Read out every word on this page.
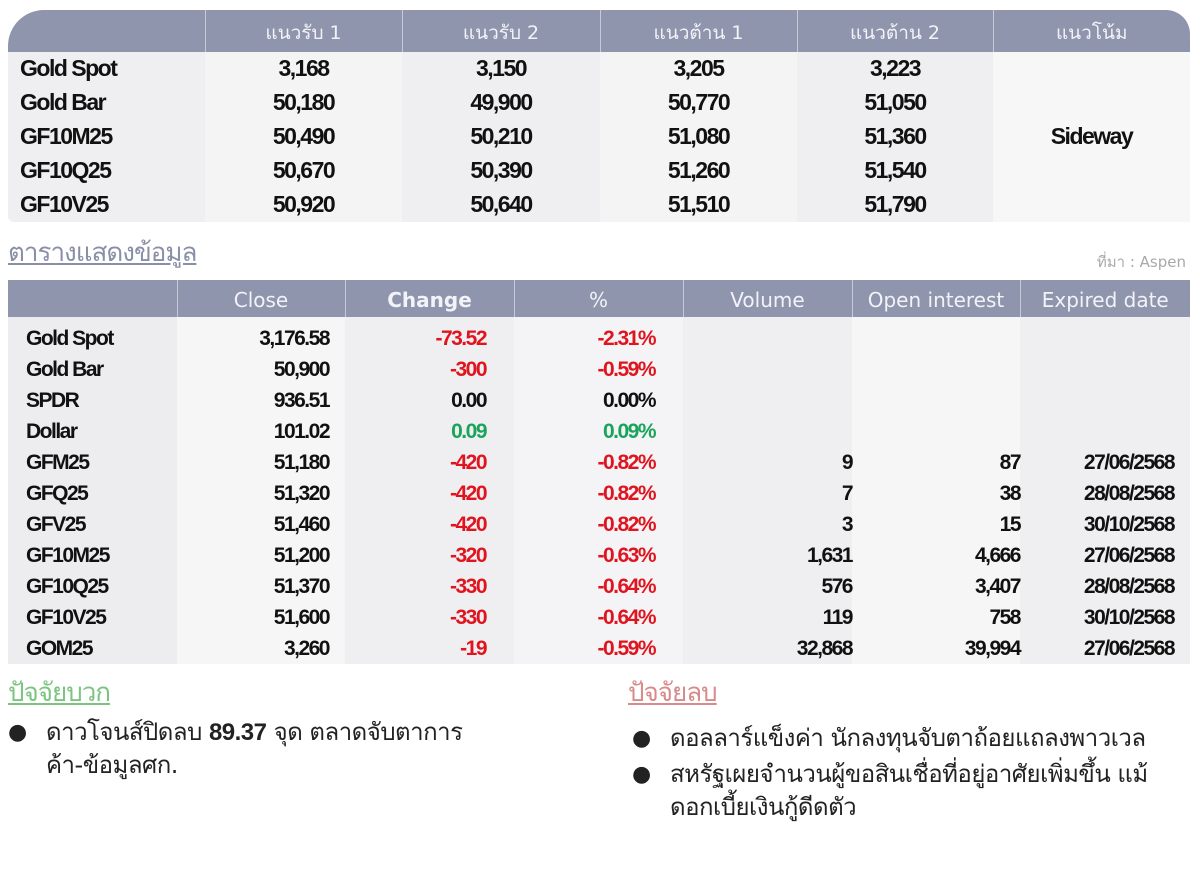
	แนวรับ 1	แนวรับ 2	แนวต้าน 1	แนวต้าน 2	แนวโน้ม
Gold Spot	3,168	3,150	3,205	3,223	Sideway
Gold Bar	50,180	49,900	50,770	51,050	
GF10M25	50,490	50,210	51,080	51,360	
GF10Q25	50,670	50,390	51,260	51,540	
GF10V25	50,920	50,640	51,510	51,790	
ตารางแสดงข้อมูล	ที่มา : Aspen
	Close	Change	%	Volume	Open interest	Expired date
Gold Spot	3,176.58	-73.52	-2.31%			
Gold Bar	50,900	-300	-0.59%			
SPDR	936.51	0.00	0.00%			
Dollar	101.02	0.09	0.09%			
GFM25	51,180	-420	-0.82%	9	87	27/06/2568
GFQ25	51,320	-420	-0.82%	7	38	28/08/2568
GFV25	51,460	-420	-0.82%	3	15	30/10/2568
GF10M25	51,200	-320	-0.63%	1,631	4,666	27/06/2568
GF10Q25	51,370	-330	-0.64%	576	3,407	28/08/2568
GF10V25	51,600	-330	-0.64%	119	758	30/10/2568
GOM25	3,260	-19	-0.59%	32,868	39,994	27/06/2568
ปัจจัยบวก
● ดาวโจนส์ปิดลบ 89.37 จุด ตลาดจับตาการค้า-ข้อมูลศก.
ปัจจัยลบ
● ดอลลาร์แข็งค่า นักลงทุนจับตาถ้อยแถลงพาวเวล
● สหรัฐเผยจำนวนผู้ขอสินเชื่อที่อยู่อาศัยเพิ่มขึ้น แม้ดอกเบี้ยเงินกู้ดีดตัว
